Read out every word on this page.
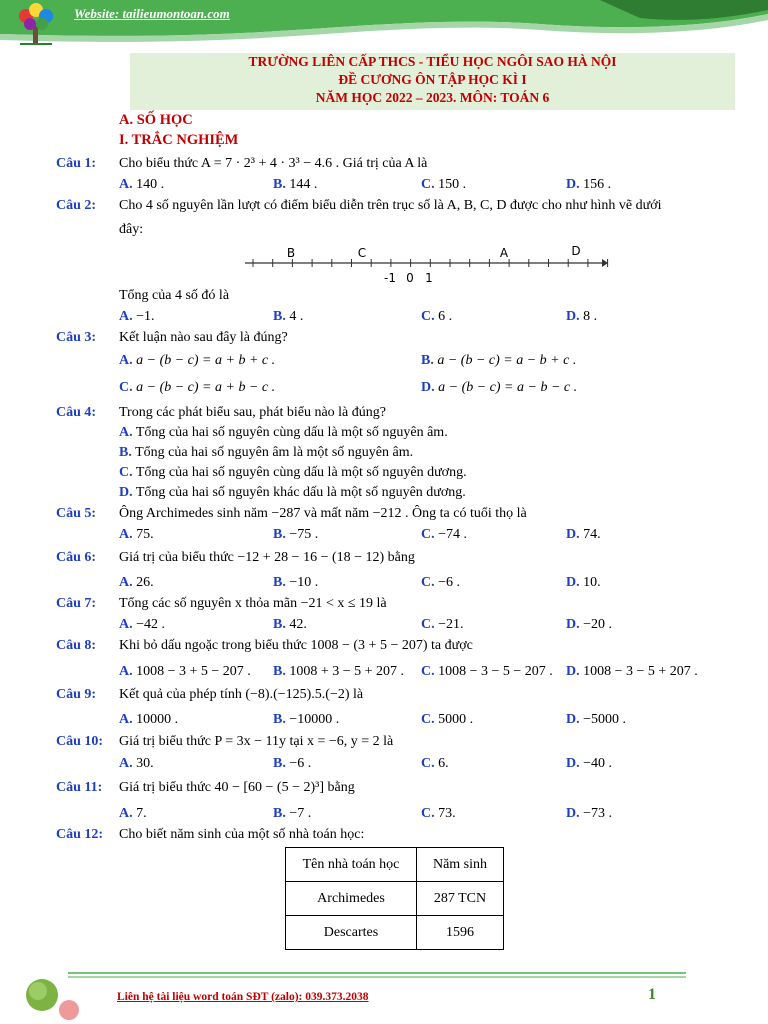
Website: tailieumontoan.com
TRƯỜNG LIÊN CẤP THCS - TIỂU HỌC NGÔI SAO HÀ NỘI
ĐỀ CƯƠNG ÔN TẬP HỌC KÌ I
NĂM HỌC 2022 – 2023. MÔN: TOÁN 6
A. SỐ HỌC
I. TRẮC NGHIỆM
Câu 1: Cho biểu thức A = 7 · 2³ + 4 · 3³ − 4.6 . Giá trị của A là
A. 140 .	B. 144 .	C. 150 .	D. 156 .
Câu 2: Cho 4 số nguyên lần lượt có điểm biểu diễn trên trục số là A, B, C, D được cho như hình vẽ dưới
đây:
B	C	A	D
-1 0 1
Tổng của 4 số đó là
A. −1.	B. 4 .	C. 6 .	D. 8 .
Câu 3: Kết luận nào sau đây là đúng?
A. a − (b − c) = a + b + c .	B. a − (b − c) = a − b + c .
C. a − (b − c) = a + b − c .	D. a − (b − c) = a − b − c .
Câu 4: Trong các phát biểu sau, phát biểu nào là đúng?
A. Tổng của hai số nguyên cùng dấu là một số nguyên âm.
B. Tổng của hai số nguyên âm là một số nguyên âm.
C. Tổng của hai số nguyên cùng dấu là một số nguyên dương.
D. Tổng của hai số nguyên khác dấu là một số nguyên dương.
Câu 5: Ông Archimedes sinh năm −287 và mất năm −212 . Ông ta có tuổi thọ là
A. 75.	B. −75 .	C. −74 .	D. 74.
Câu 6: Giá trị của biểu thức −12 + 28 − 16 − (18 − 12) bằng
A. 26.	B. −10 .	C. −6 .	D. 10.
Câu 7: Tổng các số nguyên x thỏa mãn −21 < x ≤ 19 là
A. −42 .	B. 42.	C. −21.	D. −20 .
Câu 8: Khi bỏ dấu ngoặc trong biểu thức 1008 − (3 + 5 − 207) ta được
A. 1008 − 3 + 5 − 207 . B. 1008 + 3 − 5 + 207 . C. 1008 − 3 − 5 − 207 . D. 1008 − 3 − 5 + 207 .
Câu 9: Kết quả của phép tính (−8).(−125).5.(−2) là
A. 10000 .	B. −10000 .	C. 5000 .	D. −5000 .
Câu 10: Giá trị biểu thức P = 3x − 11y tại x = −6, y = 2 là
A. 30.	B. −6 .	C. 6.	D. −40 .
Câu 11: Giá trị biểu thức 40 − [60 − (5 − 2)³] bằng
A. 7.	B. −7 .	C. 73.	D. −73 .
Câu 12: Cho biết năm sinh của một số nhà toán học:
Tên nhà toán học	Năm sinh
Archimedes	287 TCN
Descartes	1596
Liên hệ tài liệu word toán SĐT (zalo): 039.373.2038	1
